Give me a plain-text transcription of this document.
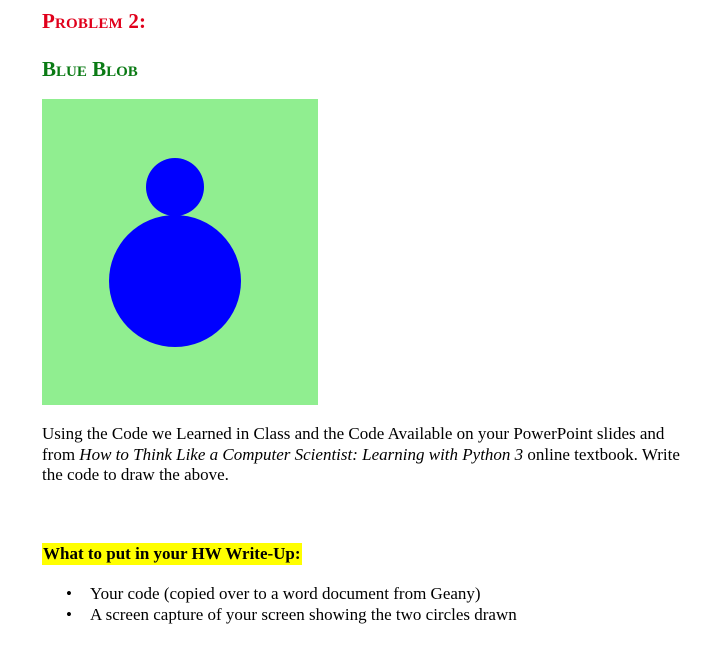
Problem 2:
Blue Blob

Using the Code we Learned in Class and the Code Available on your PowerPoint slides and from How to Think Like a Computer Scientist: Learning with Python 3 online textbook. Write the code to draw the above.

What to put in your HW Write-Up:

• Your code (copied over to a word document from Geany)
• A screen capture of your screen showing the two circles drawn
